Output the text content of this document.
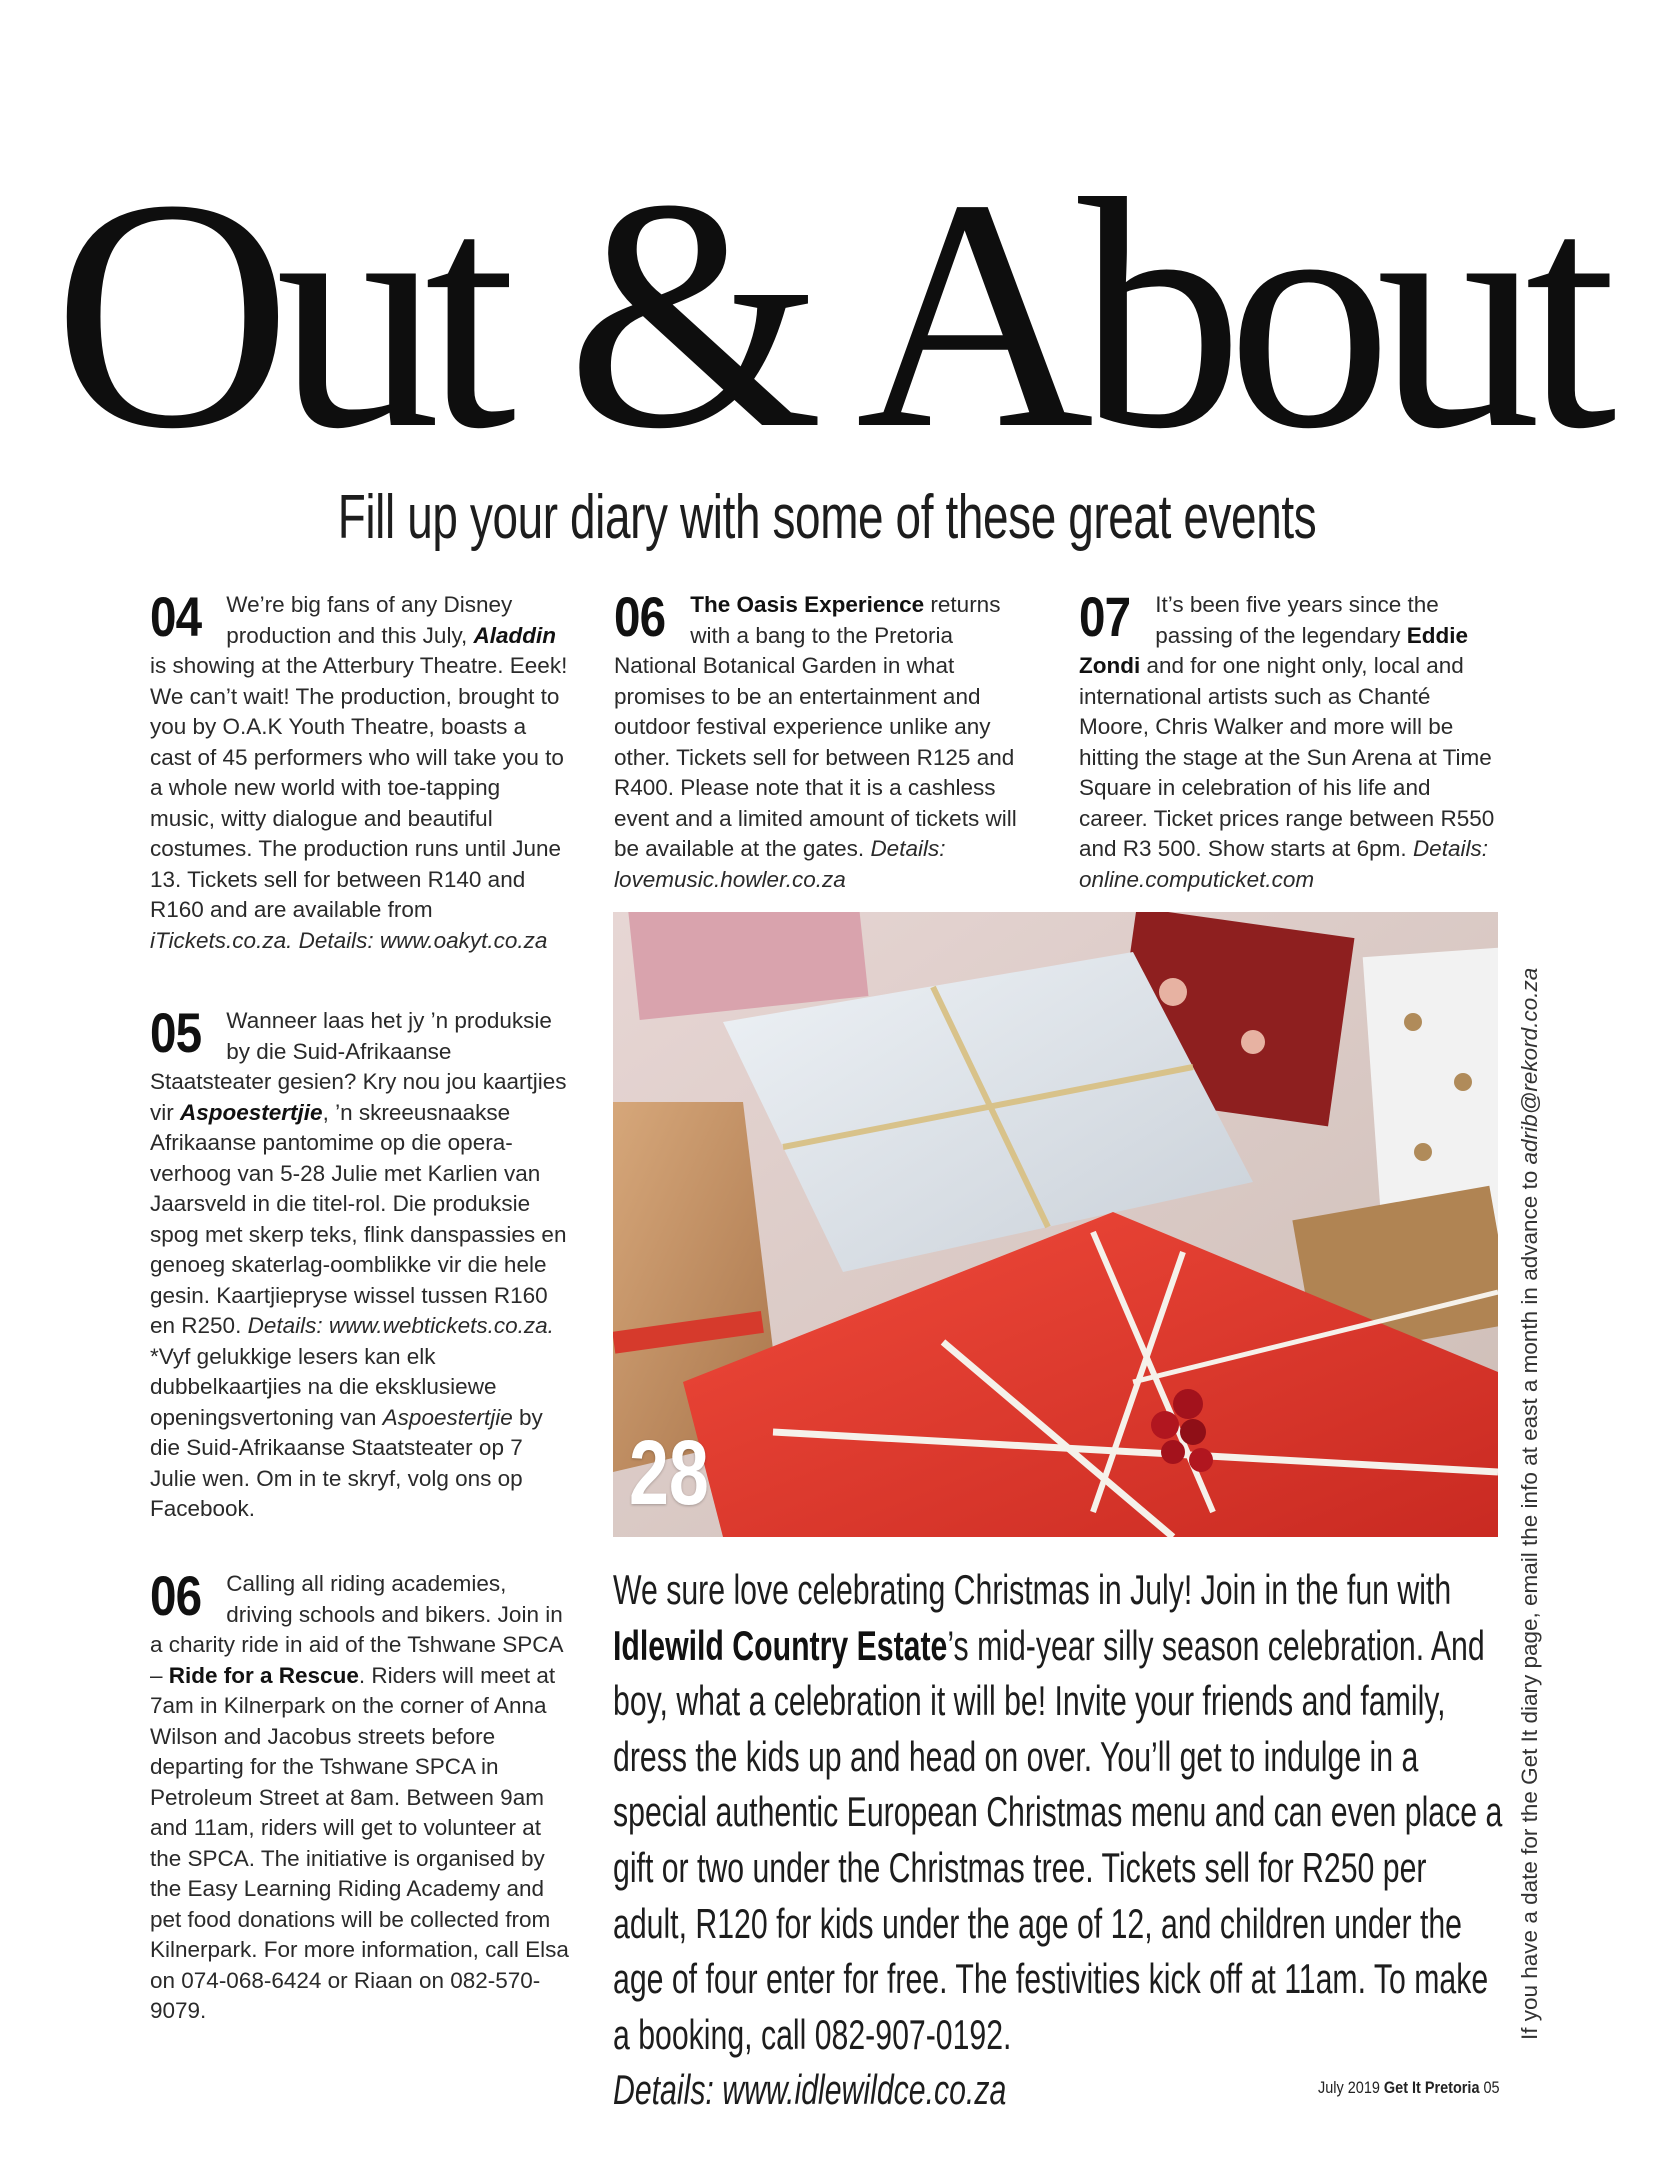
Out & About
Fill up your diary with some of these great events

04 We’re big fans of any Disney production and this July, Aladdin is showing at the Atterbury Theatre. Eeek! We can’t wait! The production, brought to you by O.A.K Youth Theatre, boasts a cast of 45 performers who will take you to a whole new world with toe-tapping music, witty dialogue and beautiful costumes. The production runs until June 13. Tickets sell for between R140 and R160 and are available from iTickets.co.za. Details: www.oakyt.co.za

05 Wanneer laas het jy ’n produksie by die Suid-Afrikaanse Staatsteater gesien? Kry nou jou kaartjies vir Aspoestertjie, ’n skreeusnaakse Afrikaanse pantomime op die opera-verhoog van 5-28 Julie met Karlien van Jaarsveld in die titel-rol. Die produksie spog met skerp teks, flink danspassies en genoeg skaterlag-oomblikke vir die hele gesin. Kaartjiepryse wissel tussen R160 en R250. Details: www.webtickets.co.za. *Vyf gelukkige lesers kan elk dubbelkaartjies na die eksklusiewe openingsvertoning van Aspoestertjie by die Suid-Afrikaanse Staatsteater op 7 Julie wen. Om in te skryf, volg ons op Facebook.

06 Calling all riding academies, driving schools and bikers. Join in a charity ride in aid of the Tshwane SPCA – Ride for a Rescue. Riders will meet at 7am in Kilnerpark on the corner of Anna Wilson and Jacobus streets before departing for the Tshwane SPCA in Petroleum Street at 8am. Between 9am and 11am, riders will get to volunteer at the SPCA. The initiative is organised by the Easy Learning Riding Academy and pet food donations will be collected from Kilnerpark. For more information, call Elsa on 074-068-6424 or Riaan on 082-570-9079.

06 The Oasis Experience returns with a bang to the Pretoria National Botanical Garden in what promises to be an entertainment and outdoor festival experience unlike any other. Tickets sell for between R125 and R400. Please note that it is a cashless event and a limited amount of tickets will be available at the gates. Details: lovemusic.howler.co.za

07 It’s been five years since the passing of the legendary Eddie Zondi and for one night only, local and international artists such as Chanté Moore, Chris Walker and more will be hitting the stage at the Sun Arena at Time Square in celebration of his life and career. Ticket prices range between R550 and R3 500. Show starts at 6pm. Details: online.computicket.com

28

We sure love celebrating Christmas in July! Join in the fun with Idlewild Country Estate’s mid-year silly season celebration. And boy, what a celebration it will be! Invite your friends and family, dress the kids up and head on over. You’ll get to indulge in a special authentic European Christmas menu and can even place a gift or two under the Christmas tree. Tickets sell for R250 per adult, R120 for kids under the age of 12, and children under the age of four enter for free. The festivities kick off at 11am. To make a booking, call 082-907-0192.

Details: www.idlewildce.co.za

If you have a date for the Get It diary page, email the info at east a month in advance to adrib@rekord.co.za
July 2019 Get It Pretoria 05
